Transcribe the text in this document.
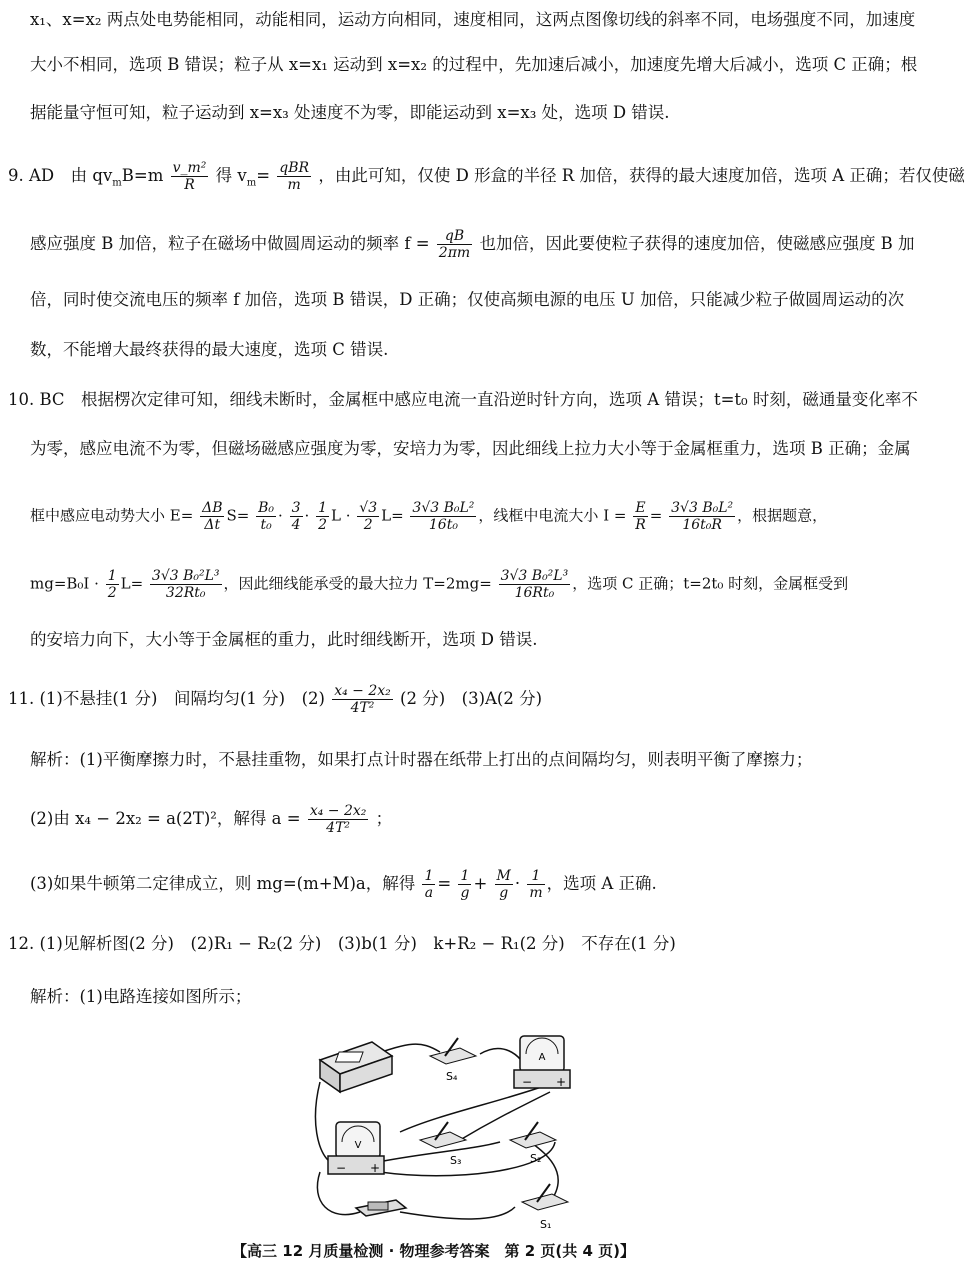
x₁、x=x₂ 两点处电势能相同，动能相同，运动方向相同，速度相同，这两点图像切线的斜率不同，电场强度不同，加速度
大小不相同，选项 B 错误；粒子从 x=x₁ 运动到 x=x₂ 的过程中，先加速后减小，加速度先增大后减小，选项 C 正确；根
据能量守恒可知，粒子运动到 x=x₃ 处速度不为零，即能运动到 x=x₃ 处，选项 D 错误.
9. AD　由 $qv_mB=m \frac{\text{v\_m²}}{R}$ 得 $v_m= \frac{\text{qBR}}{m}$ ，由此可知，仅使 D 形盒的半径 R 加倍，获得的最大速度加倍，选项 A 正确；若仅使磁
感应强度 B 加倍，粒子在磁场中做圆周运动的频率 $f = \frac{qB}{2\pi m}$ 也加倍，因此要使粒子获得的速度加倍，使磁感应强度 B 加
倍，同时使交流电压的频率 f 加倍，选项 B 错误，D 正确；仅使高频电源的电压 U 加倍，只能减少粒子做圆周运动的次
数，不能增大最终获得的最大速度，选项 C 错误.
10. BC　根据楞次定律可知，细线未断时，金属框中感应电流一直沿逆时针方向，选项 A 错误；t=t₀ 时刻，磁通量变化率不
为零，感应电流不为零，但磁场磁感应强度为零，安培力为零，因此细线上拉力大小等于金属框重力，选项 B 正确；金属
框中感应电动势大小 $E= \frac{\Delta B}{\Delta t} S= \frac{\text{B₀}}{\text{t₀}} \cdot \frac{3}{4} \cdot \frac{1}{2}$ $L \cdot \frac{√3}{2} L= \frac{\text{3√3 B₀L²}}{\text{16t₀}}$ ，线框中电流大小 $I = \frac{E}{R} = \frac{\text{3√3 B₀L²}}{\text{16t₀R}}$ ，根据题意，
$mg=B_0I \cdot \frac{1}{2} L= \frac{\text{3√3 B₀²L³}}{\text{32Rt₀}}$ ，因此细线能承受的最大拉力 $T=2mg= \frac{\text{3√3 B₀²L³}}{\text{16Rt₀}}$ ，选项 C 正确；t=2t₀ 时刻，金属框受到
的安培力向下，大小等于金属框的重力，此时细线断开，选项 D 错误.
11. (1)不悬挂(1 分)　间隔均匀(1 分)　$(2) \frac{\text{x₄ − 2x₂}}{\text{4T²}} (2$ 分)　(3)A(2 分)
解析：(1)平衡摩擦力时，不悬挂重物，如果打点计时器在纸带上打出的点间隔均匀，则表明平衡了摩擦力；
(2)由 x₄ − 2x₂ = a(2T)²，解得 $a = \frac{\text{x₄ − 2x₂}}{\text{4T²}}$ ；
(3)如果牛顿第二定律成立，则 mg=(m+M)a，解得 $\frac{1}{a} = \frac{1}{g} + \frac{M}{g} \cdot \frac{1}{m}$ ，选项 A 正确.
12. (1)见解析图(2 分)　(2)R₁ − R₂(2 分)　(3)b(1 分)　k+R₂ − R₁(2 分)　不存在(1 分)
解析：(1)电路连接如图所示；
A
− +
V
− +
S₄
S₃	S₂
S₁
【高三 12 月质量检测 · 物理参考答案　第 2 页(共 4 页)】
